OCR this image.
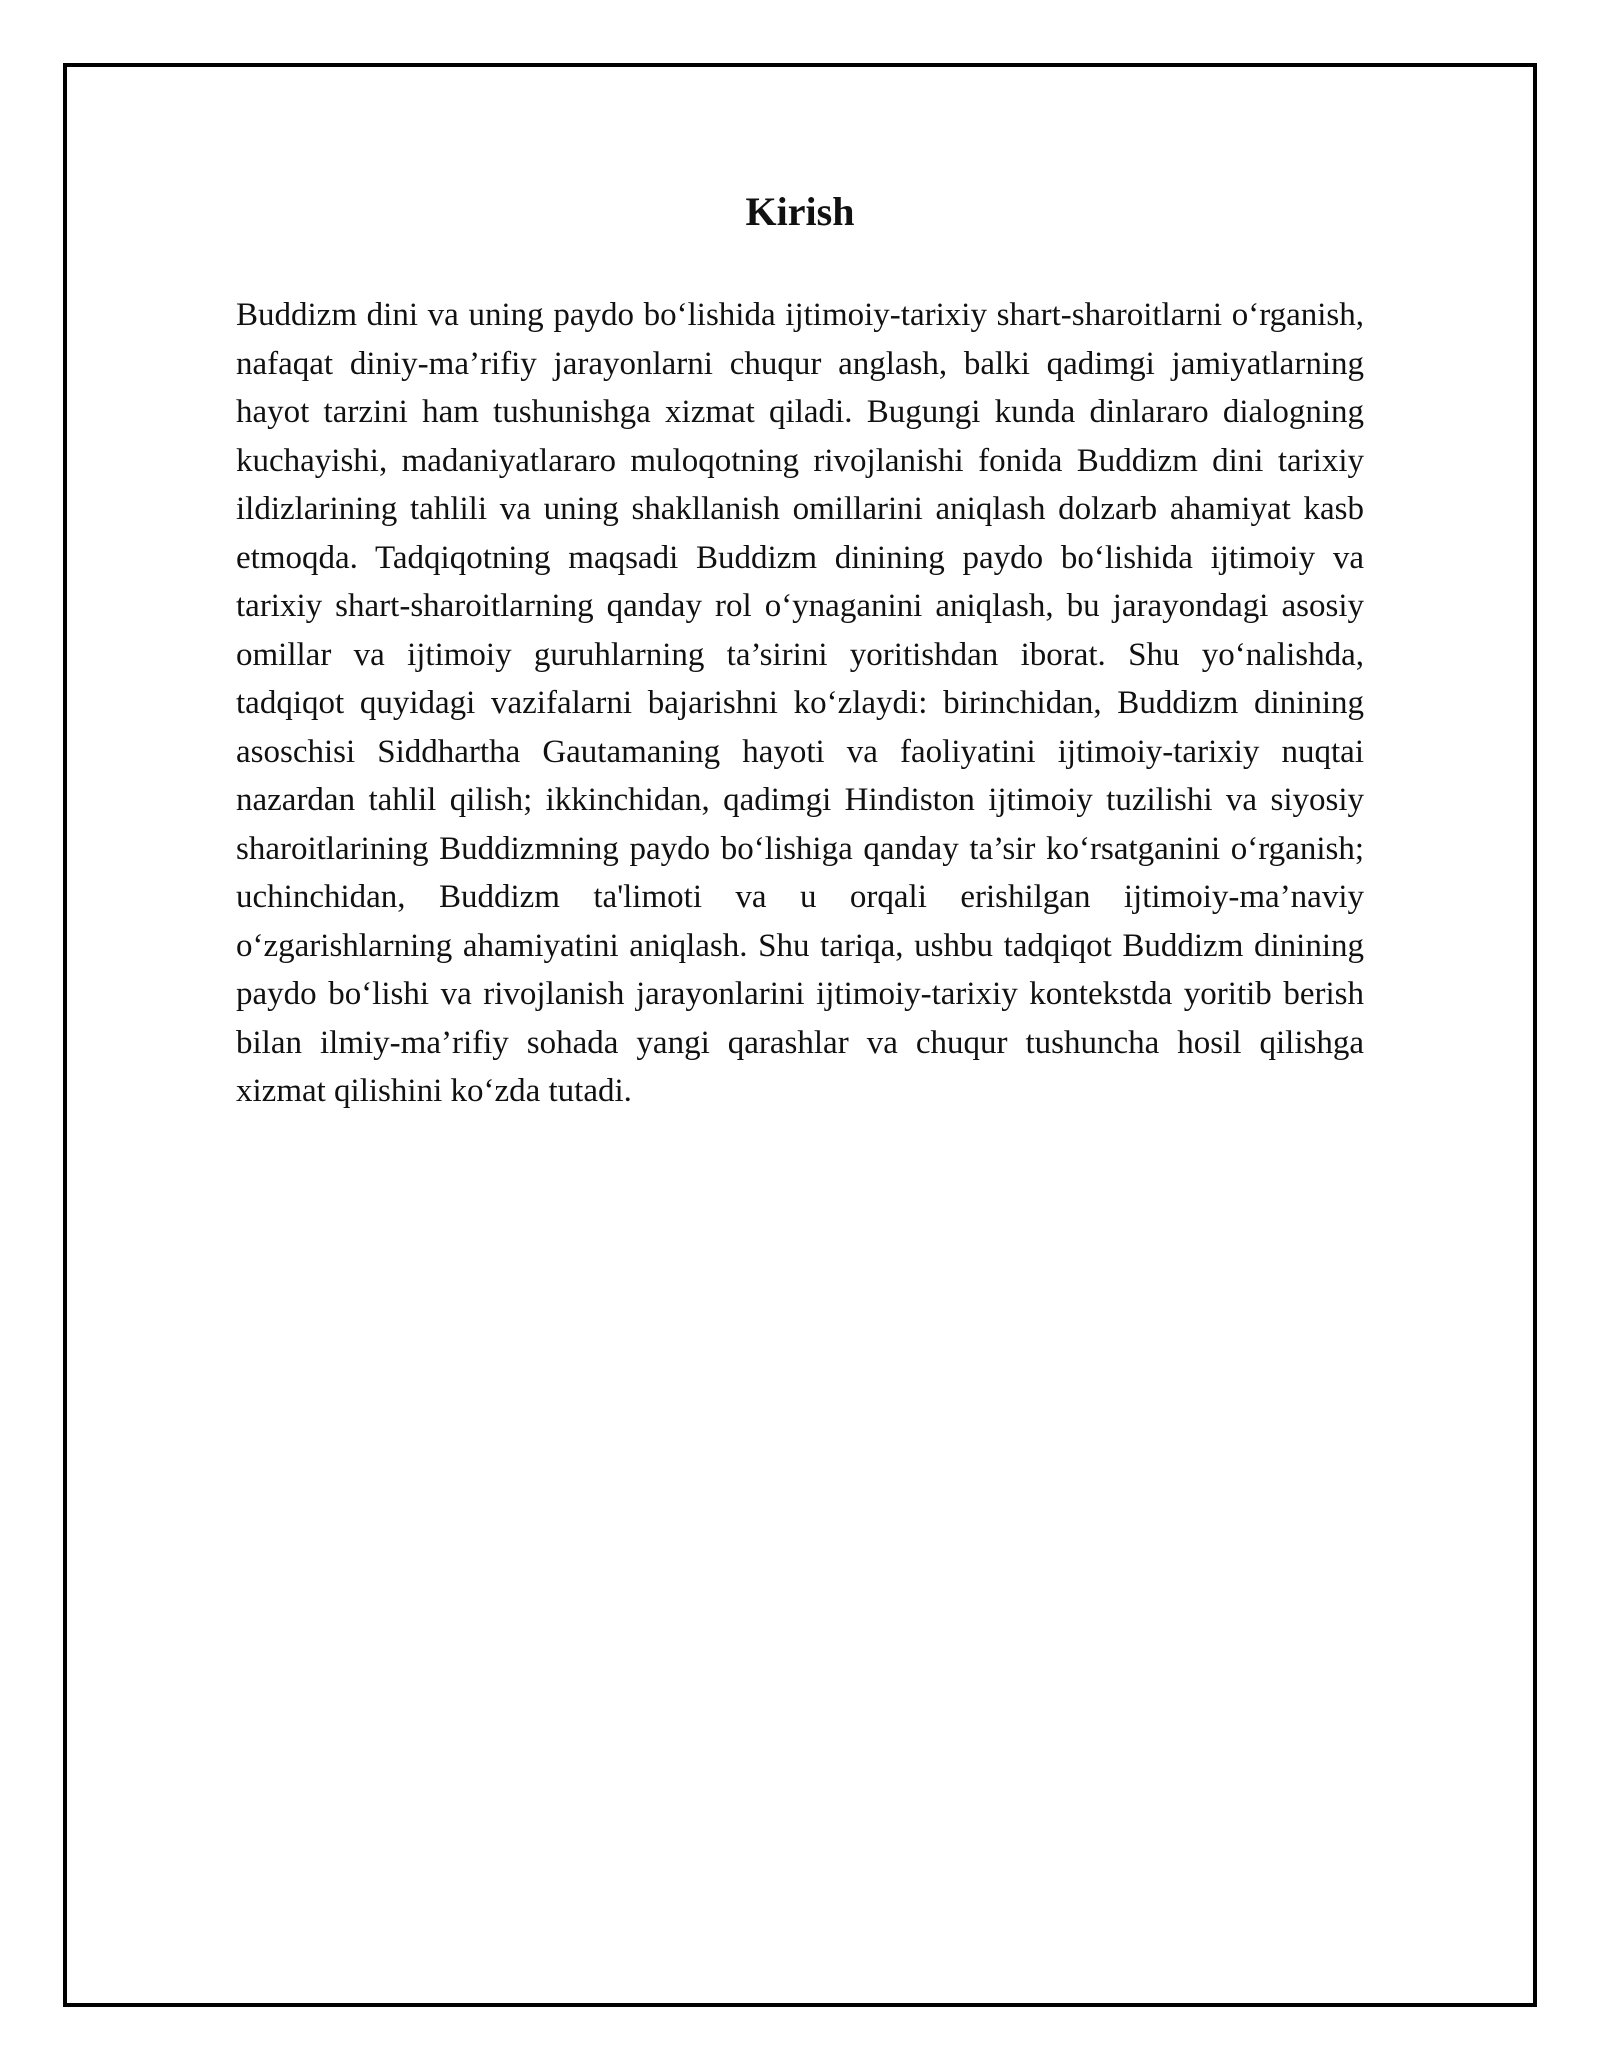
Kirish

Buddizm dini va uning paydo bo‘lishida ijtimoiy-tarixiy shart-sharoitlarni o‘rganish, nafaqat diniy-ma’rifiy jarayonlarni chuqur anglash, balki qadimgi jamiyatlarning hayot tarzini ham tushunishga xizmat qiladi. Bugungi kunda dinlararo dialogning kuchayishi, madaniyatlararo muloqotning rivojlanishi fonida Buddizm dini tarixiy ildizlarining tahlili va uning shakllanish omillarini aniqlash dolzarb ahamiyat kasb etmoqda. Tadqiqotning maqsadi Buddizm dinining paydo bo‘lishida ijtimoiy va tarixiy shart-sharoitlarning qanday rol o‘ynaganini aniqlash, bu jarayondagi asosiy omillar va ijtimoiy guruhlarning ta’sirini yoritishdan iborat. Shu yo‘nalishda, tadqiqot quyidagi vazifalarni bajarishni ko‘zlaydi: birinchidan, Buddizm dinining asoschisi Siddhartha Gautamaning hayoti va faoliyatini ijtimoiy-tarixiy nuqtai nazardan tahlil qilish; ikkinchidan, qadimgi Hindiston ijtimoiy tuzilishi va siyosiy sharoitlarining Buddizmning paydo bo‘lishiga qanday ta’sir ko‘rsatganini o‘rganish; uchinchidan, Buddizm ta'limoti va u orqali erishilgan ijtimoiy-ma’naviy o‘zgarishlarning ahamiyatini aniqlash. Shu tariqa, ushbu tadqiqot Buddizm dinining paydo bo‘lishi va rivojlanish jarayonlarini ijtimoiy-tarixiy kontekstda yoritib berish bilan ilmiy-ma’rifiy sohada yangi qarashlar va chuqur tushuncha hosil qilishga xizmat qilishini ko‘zda tutadi.
